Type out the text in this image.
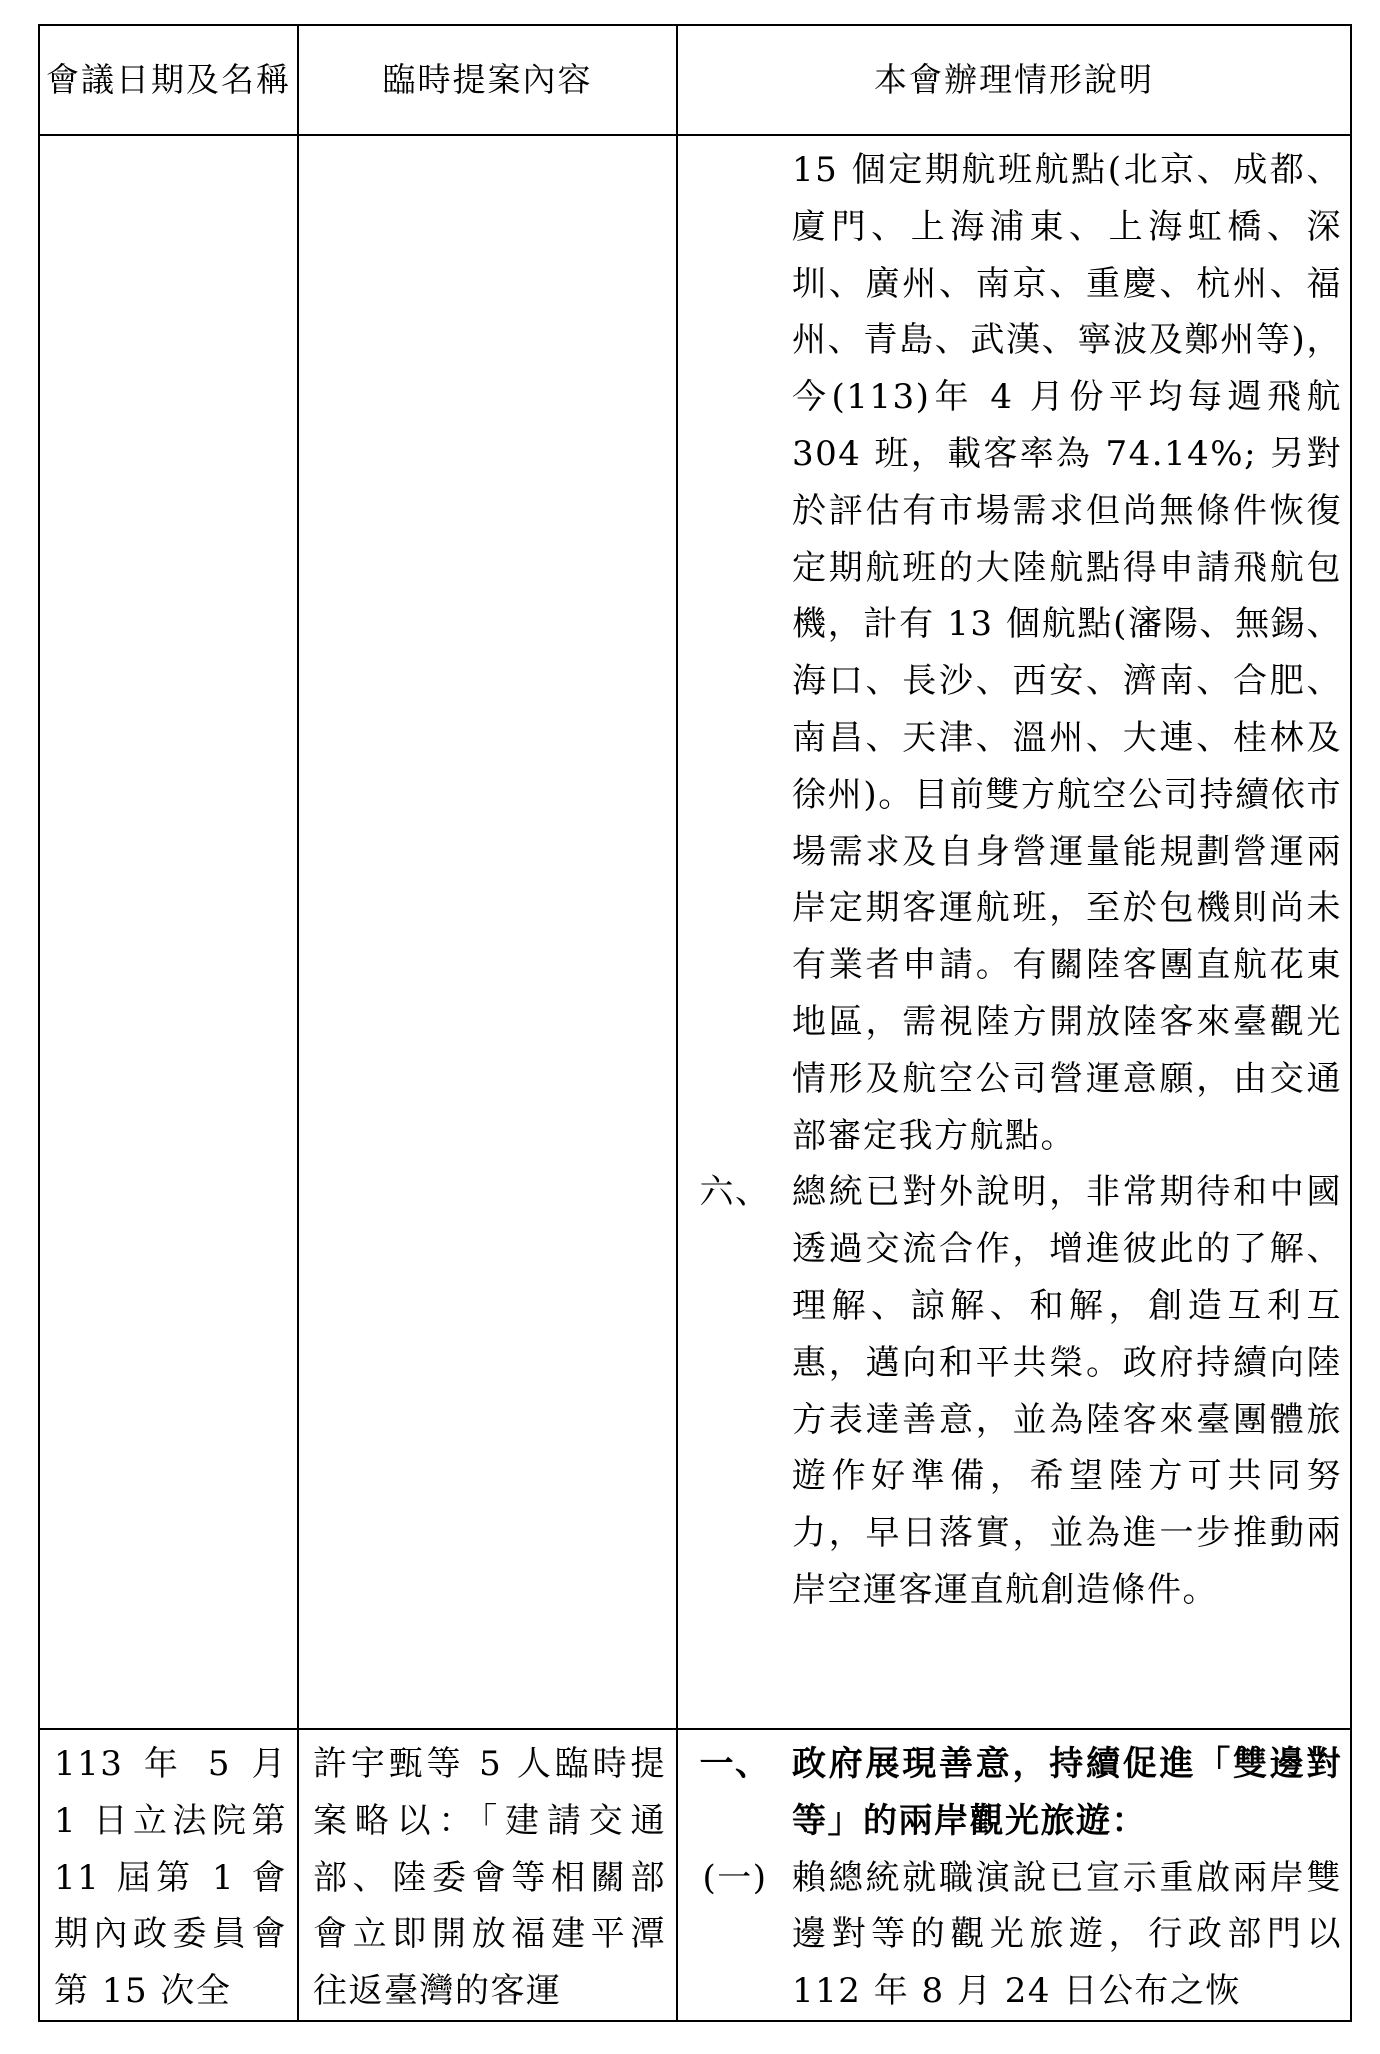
會議日期及名稱	臨時提案內容	本會辦理情形說明

		15 個定期航班航點(北京、成都、廈門、上海浦東、上海虹橋、深圳、廣州、南京、重慶、杭州、福州、青島、武漢、寧波及鄭州等)，今(113)年 4 月份平均每週飛航 304 班，載客率為 74.14%; 另對於評估有市場需求但尚無條件恢復定期航班的大陸航點得申請飛航包機，計有 13 個航點(瀋陽、無錫、海口、長沙、西安、濟南、合肥、南昌、天津、溫州、大連、桂林及徐州)。目前雙方航空公司持續依市場需求及自身營運量能規劃營運兩岸定期客運航班，至於包機則尚未有業者申請。有關陸客團直航花東地區，需視陸方開放陸客來臺觀光情形及航空公司營運意願，由交通部審定我方航點。
六、 總統已對外說明，非常期待和中國透過交流合作，增進彼此的了解、理解、諒解、和解，創造互利互惠，邁向和平共榮。政府持續向陸方表達善意，並為陸客來臺團體旅遊作好準備，希望陸方可共同努力，早日落實，並為進一步推動兩岸空運客運直航創造條件。

113 年 5 月 1 日立法院第 11 屆第 1 會期內政委員會第 15 次全	許宇甄等 5 人臨時提案略以：「建請交通部、陸委會等相關部會立即開放福建平潭往返臺灣的客運	一、 政府展現善意，持續促進「雙邊對等」的兩岸觀光旅遊：
(一) 賴總統就職演說已宣示重啟兩岸雙邊對等的觀光旅遊，行政部門以 112 年 8 月 24 日公布之恢
